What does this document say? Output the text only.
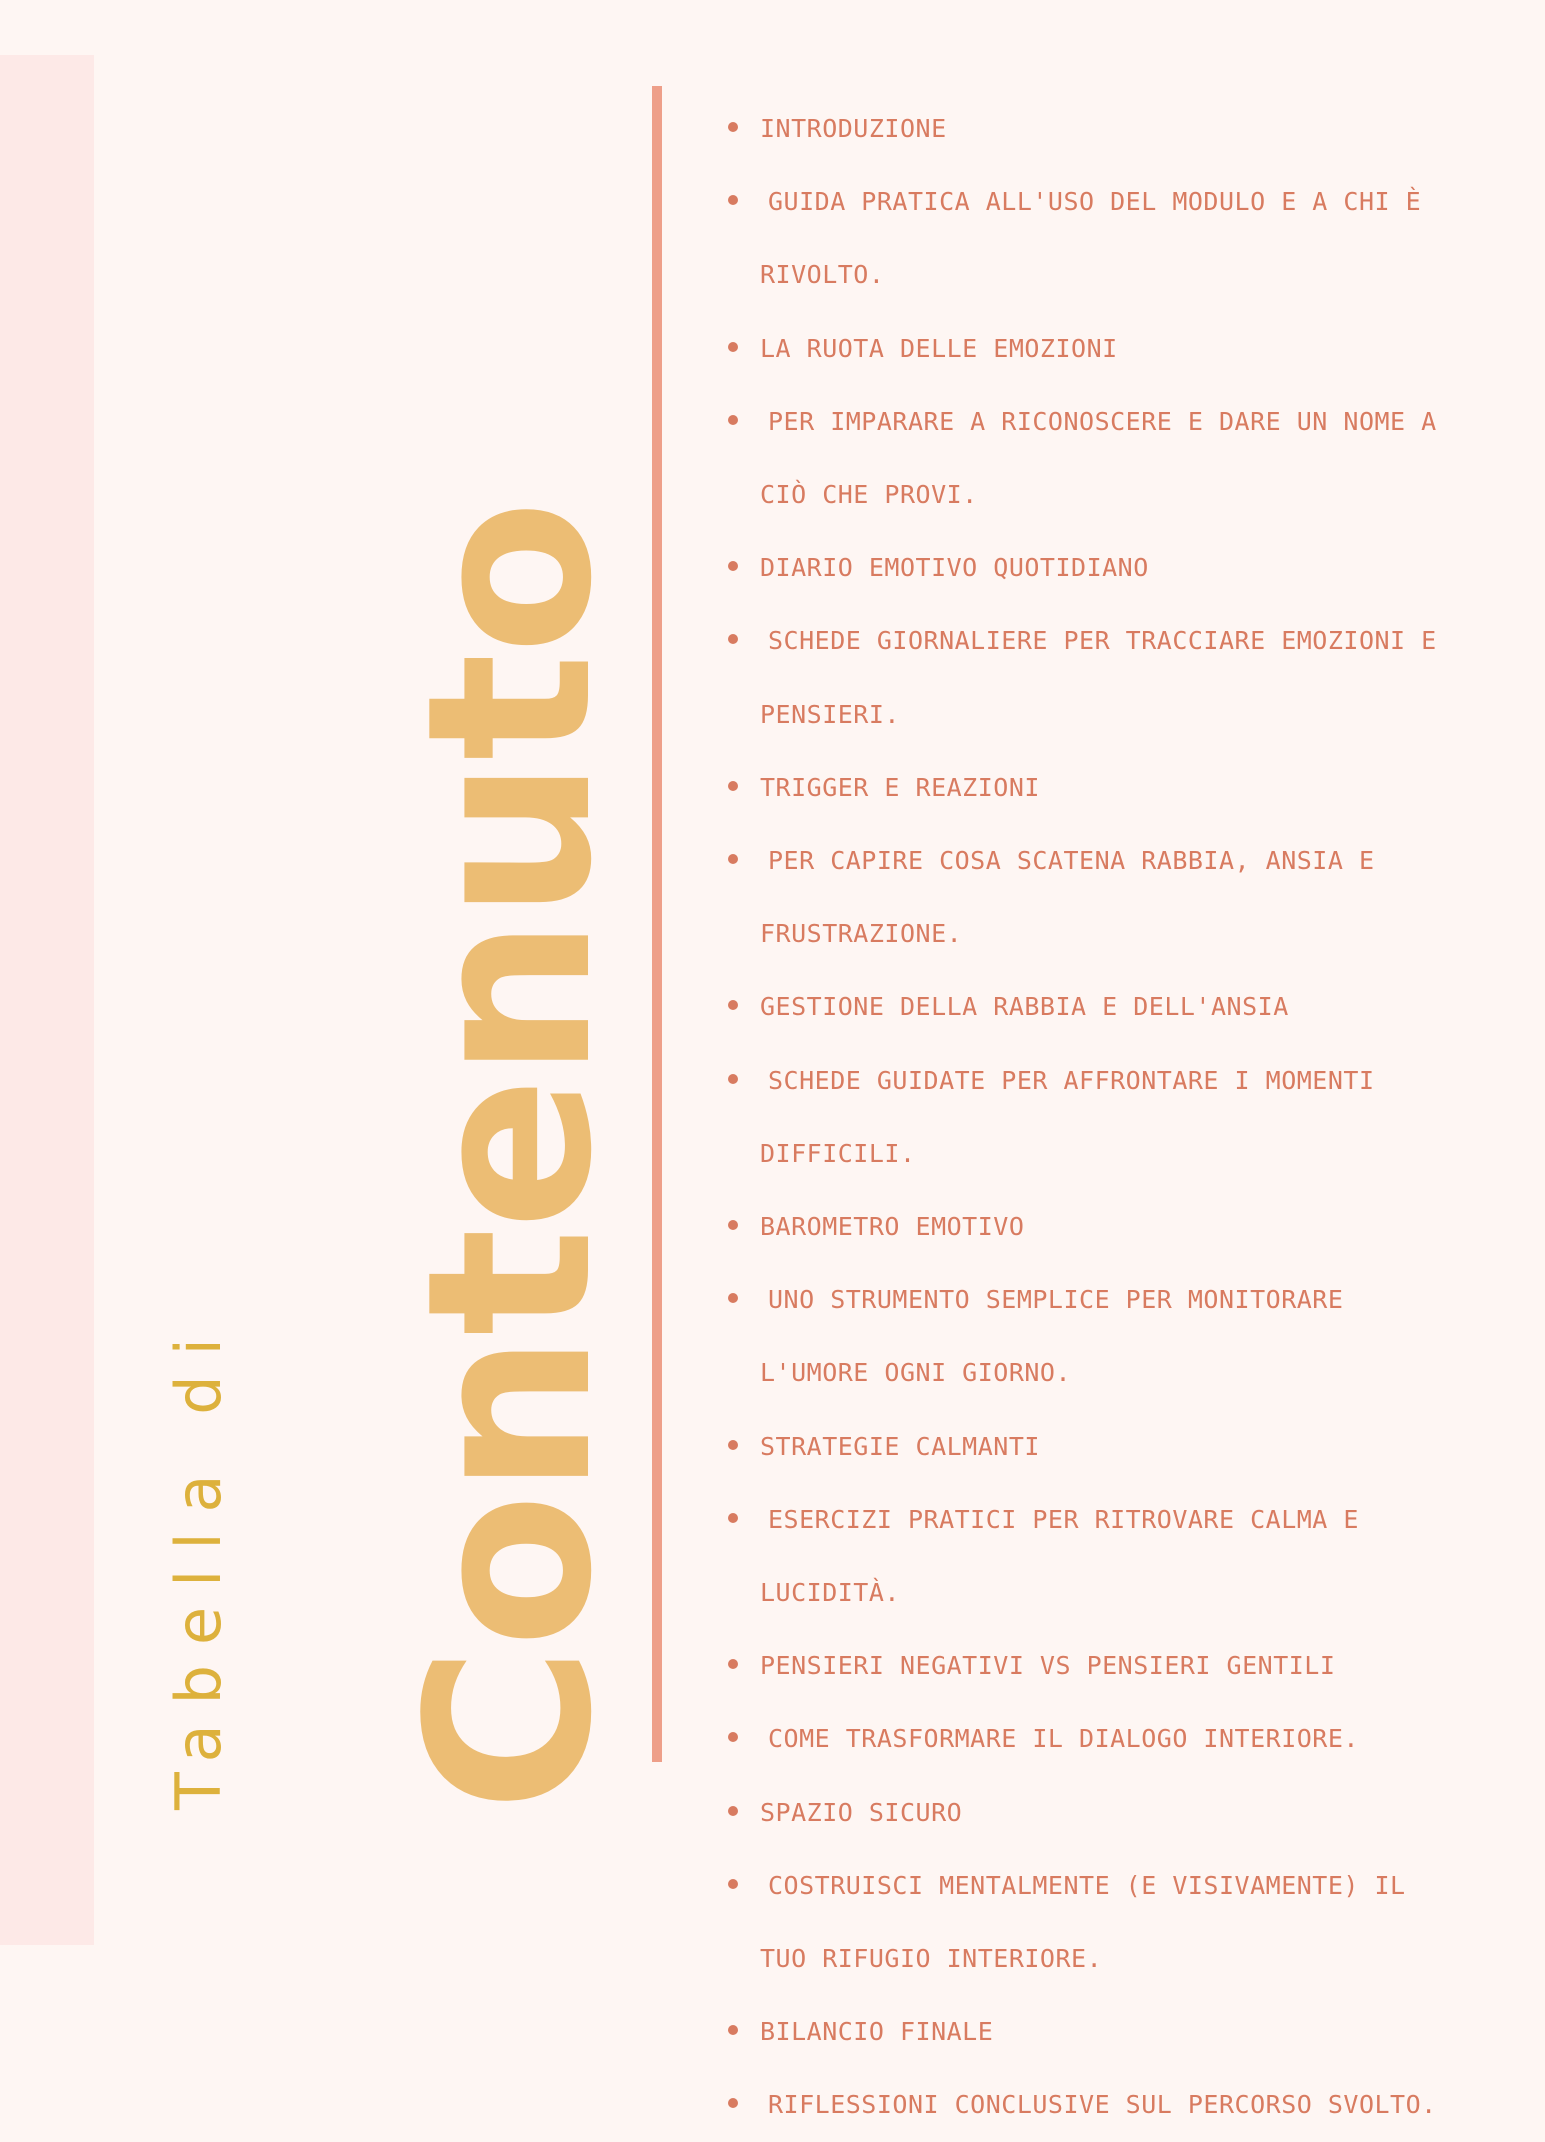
Tabella di Contenuto
INTRODUZIONE
GUIDA PRATICA ALL'USO DEL MODULO E A CHI È RIVOLTO.
LA RUOTA DELLE EMOZIONI
PER IMPARARE A RICONOSCERE E DARE UN NOME A CIÒ CHE PROVI.
DIARIO EMOTIVO QUOTIDIANO
SCHEDE GIORNALIERE PER TRACCIARE EMOZIONI E PENSIERI.
TRIGGER E REAZIONI
PER CAPIRE COSA SCATENA RABBIA, ANSIA E FRUSTRAZIONE.
GESTIONE DELLA RABBIA E DELL'ANSIA
SCHEDE GUIDATE PER AFFRONTARE I MOMENTI DIFFICILI.
BAROMETRO EMOTIVO
UNO STRUMENTO SEMPLICE PER MONITORARE L'UMORE OGNI GIORNO.
STRATEGIE CALMANTI
ESERCIZI PRATICI PER RITROVARE CALMA E LUCIDITÀ.
PENSIERI NEGATIVI VS PENSIERI GENTILI
COME TRASFORMARE IL DIALOGO INTERIORE.
SPAZIO SICURO
COSTRUISCI MENTALMENTE (E VISIVAMENTE) IL TUO RIFUGIO INTERIORE.
BILANCIO FINALE
RIFLESSIONI CONCLUSIVE SUL PERCORSO SVOLTO.
